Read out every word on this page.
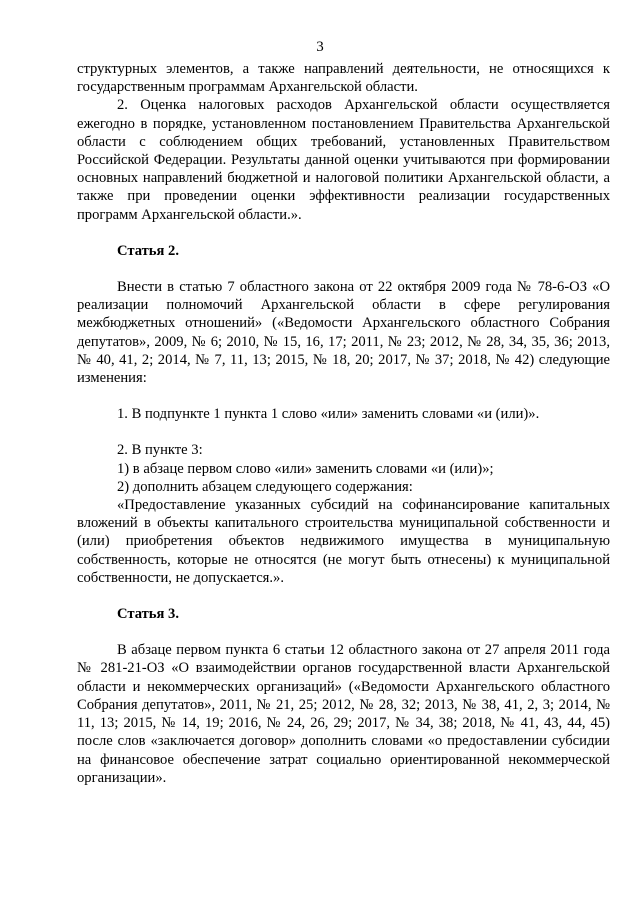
3

структурных элементов, а также направлений деятельности, не относящихся к государственным программам Архангельской области.

2. Оценка налоговых расходов Архангельской области осуществляется ежегодно в порядке, установленном постановлением Правительства Архангельской области с соблюдением общих требований, установленных Правительством Российской Федерации. Результаты данной оценки учитываются при формировании основных направлений бюджетной и налоговой политики Архангельской области, а также при проведении оценки эффективности реализации государственных программ Архангельской области.».

Статья 2.

Внести в статью 7 областного закона от 22 октября 2009 года № 78-6-ОЗ «О реализации полномочий Архангельской области в сфере регулирования межбюджетных отношений» («Ведомости Архангельского областного Собрания депутатов», 2009, № 6; 2010, № 15, 16, 17; 2011, № 23; 2012, № 28, 34, 35, 36; 2013, № 40, 41, 2; 2014, № 7, 11, 13; 2015, № 18, 20; 2017, № 37; 2018, № 42) следующие изменения:

1. В подпункте 1 пункта 1 слово «или» заменить словами «и (или)».

2. В пункте 3:

1) в абзаце первом слово «или» заменить словами «и (или)»;

2) дополнить абзацем следующего содержания:

«Предоставление указанных субсидий на софинансирование капитальных вложений в объекты капитального строительства муниципальной собственности и (или) приобретения объектов недвижимого имущества в муниципальную собственность, которые не относятся (не могут быть отнесены) к муниципальной собственности, не допускается.».

Статья 3.

В абзаце первом пункта 6 статьи 12 областного закона от 27 апреля 2011 года № 281-21-ОЗ «О взаимодействии органов государственной власти Архангельской области и некоммерческих организаций» («Ведомости Архангельского областного Собрания депутатов», 2011, № 21, 25; 2012, № 28, 32; 2013, № 38, 41, 2, 3; 2014, № 11, 13; 2015, № 14, 19; 2016, № 24, 26, 29; 2017, № 34, 38; 2018, № 41, 43, 44, 45) после слов «заключается договор» дополнить словами «о предоставлении субсидии на финансовое обеспечение затрат социально ориентированной некоммерческой организации».
